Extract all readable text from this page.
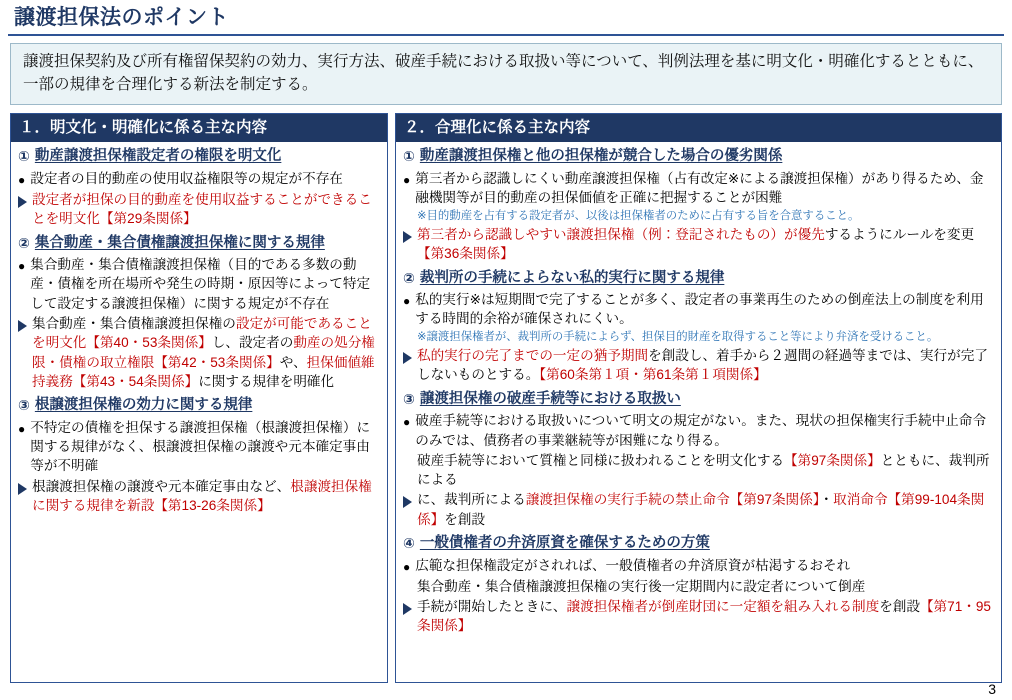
譲渡担保法のポイント
譲渡担保契約及び所有権留保契約の効力、実行方法、破産手続における取扱い等について、判例法理を基に明文化・明確化するとともに、一部の規律を合理化する新法を制定する。
１．明文化・明確化に係る主な内容
① 動産譲渡担保権設定者の権限を明文化
● 設定者の目的動産の使用収益権限等の規定が不存在
設定者が担保の目的動産を使用収益することができることを明文化【第29条関係】
② 集合動産・集合債権譲渡担保権に関する規律
● 集合動産・集合債権譲渡担保権（目的である多数の動産・債権を所在場所や発生の時期・原因等によって特定して設定する譲渡担保権）に関する規定が不存在
集合動産・集合債権譲渡担保権の設定が可能であることを明文化【第40・53条関係】し、設定者の動産の処分権限・債権の取立権限【第42・53条関係】や、担保価値維持義務【第43・54条関係】に関する規律を明確化
③ 根譲渡担保権の効力に関する規律
● 不特定の債権を担保する譲渡担保権（根譲渡担保権）に関する規律がなく、根譲渡担保権の譲渡や元本確定事由等が不明確
根譲渡担保権の譲渡や元本確定事由など、根譲渡担保権に関する規律を新設【第13-26条関係】
２．合理化に係る主な内容
① 動産譲渡担保権と他の担保権が競合した場合の優劣関係
● 第三者から認識しにくい動産譲渡担保権（占有改定※による譲渡担保権）があり得るため、金融機関等が目的動産の担保価値を正確に把握することが困難
※目的動産を占有する設定者が、以後は担保権者のために占有する旨を合意すること。
第三者から認識しやすい譲渡担保権（例：登記されたもの）が優先するようにルールを変更【第36条関係】
② 裁判所の手続によらない私的実行に関する規律
● 私的実行※は短期間で完了することが多く、設定者の事業再生のための倒産法上の制度を利用する時間的余裕が確保されにくい。
※譲渡担保権者が、裁判所の手続によらず、担保目的財産を取得すること等により弁済を受けること。
私的実行の完了までの一定の猶予期間を創設し、着手から２週間の経過等までは、実行が完了しないものとする。【第60条第１項・第61条第１項関係】
③ 譲渡担保権の破産手続等における取扱い
● 破産手続等における取扱いについて明文の規定がない。また、現状の担保権実行手続中止命令のみでは、債務者の事業継続等が困難になり得る。
破産手続等において質権と同様に扱われることを明文化する【第97条関係】とともに、裁判所による
に、裁判所による譲渡担保権の実行手続の禁止命令【第97条関係】・取消命令【第99-104条関係】を創設
④ 一般債権者の弁済原資を確保するための方策
● 広範な担保権設定がされれば、一般債権者の弁済原資が枯渇するおそれ
集合動産・集合債権譲渡担保権の実行後一定期間内に設定者について倒産
手続が開始したときに、譲渡担保権者が倒産財団に一定額を組み入れる制度を創設【第71・95条関係】
3
